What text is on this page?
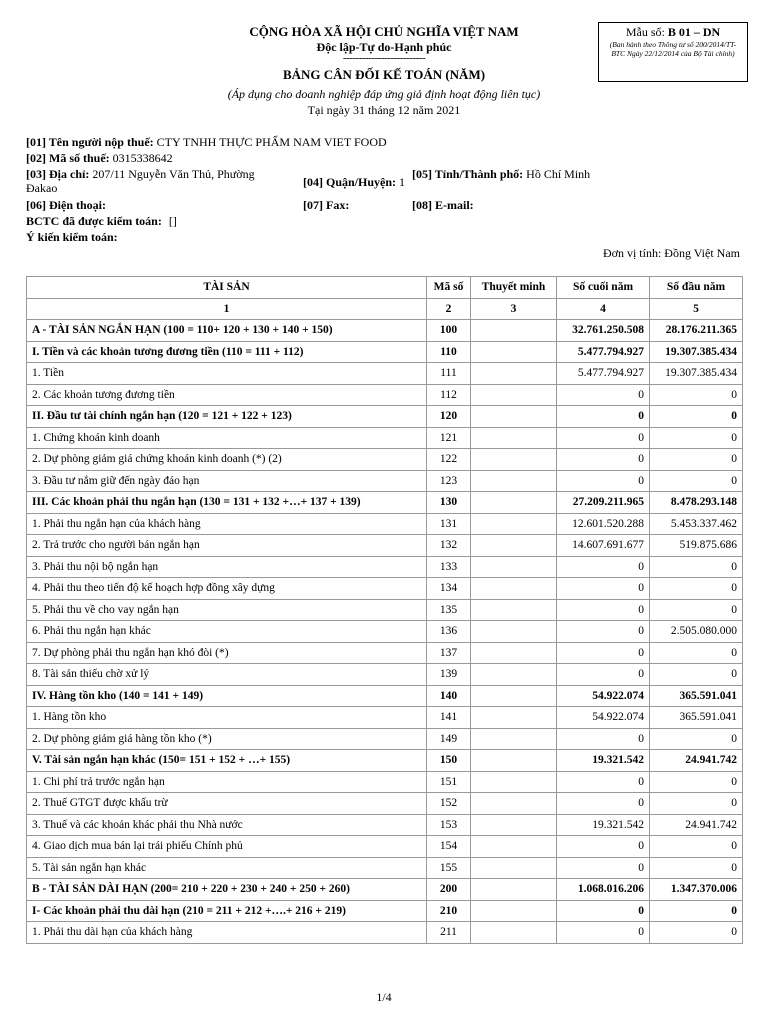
CỘNG HÒA XÃ HỘI CHỦ NGHĨA VIỆT NAM
Độc lập-Tự do-Hạnh phúc
--------------------------
BẢNG CÂN ĐỐI KẾ TOÁN (NĂM)
(Áp dụng cho doanh nghiệp đáp ứng giả định hoạt động liên tục)
Tại ngày 31 tháng 12 năm 2021
Mẫu số: B 01 – DN
(Ban hành theo Thông tư số 200/2014/TT-BTC Ngày 22/12/2014 của Bộ Tài chính)
[01] Tên người nộp thuế: CTY TNHH THỰC PHẨM NAM VIET FOOD
[02] Mã số thuế: 0315338642
[03] Địa chỉ: 207/11 Nguyễn Văn Thủ, Phường Đakao	[04] Quận/Huyện: 1
[05] Tỉnh/Thành phố: Hồ Chí Minh
[06] Điện thoại:	[07] Fax:	[08] E-mail:
BCTC đã được kiểm toán: []
Ý kiến kiểm toán:
Đơn vị tính: Đồng Việt Nam
TÀI SẢN	Mã số	Thuyết minh	Số cuối năm	Số đầu năm
1	2	3	4	5
A - TÀI SẢN NGẮN HẠN (100 = 110+ 120 + 130 + 140 + 150)	100		32.761.250.508	28.176.211.365
I. Tiền và các khoản tương đương tiền (110 = 111 + 112)	110		5.477.794.927	19.307.385.434
1. Tiền	111		5.477.794.927	19.307.385.434
2. Các khoản tương đương tiền	112		0	0
II. Đầu tư tài chính ngắn hạn (120 = 121 + 122 + 123)	120		0	0
1. Chứng khoán kinh doanh	121		0	0
2. Dự phòng giảm giá chứng khoán kinh doanh (*) (2)	122		0	0
3. Đầu tư nắm giữ đến ngày đáo hạn	123		0	0
III. Các khoản phải thu ngắn hạn (130 = 131 + 132 +…+ 137 + 139)	130		27.209.211.965	8.478.293.148
1. Phải thu ngắn hạn của khách hàng	131		12.601.520.288	5.453.337.462
2. Trả trước cho người bán ngắn hạn	132		14.607.691.677	519.875.686
3. Phải thu nội bộ ngắn hạn	133		0	0
4. Phải thu theo tiến độ kế hoạch hợp đồng xây dựng	134		0	0
5. Phải thu về cho vay ngắn hạn	135		0	0
6. Phải thu ngắn hạn khác	136		0	2.505.080.000
7. Dự phòng phải thu ngắn hạn khó đòi (*)	137		0	0
8. Tài sản thiếu chờ xử lý	139		0	0
IV. Hàng tồn kho (140 = 141 + 149)	140		54.922.074	365.591.041
1. Hàng tồn kho	141		54.922.074	365.591.041
2. Dự phòng giảm giá hàng tồn kho (*)	149		0	0
V. Tài sản ngắn hạn khác (150= 151 + 152 + …+ 155)	150		19.321.542	24.941.742
1. Chi phí trả trước ngắn hạn	151		0	0
2. Thuế GTGT được khấu trừ	152		0	0
3. Thuế và các khoản khác phải thu Nhà nước	153		19.321.542	24.941.742
4. Giao dịch mua bán lại trái phiếu Chính phủ	154		0	0
5. Tài sản ngắn hạn khác	155		0	0
B - TÀI SẢN DÀI HẠN (200= 210 + 220 + 230 + 240 + 250 + 260)	200		1.068.016.206	1.347.370.006
I- Các khoản phải thu dài hạn (210 = 211 + 212 +….+ 216 + 219)	210		0	0
1. Phải thu dài hạn của khách hàng	211		0	0
1/4
